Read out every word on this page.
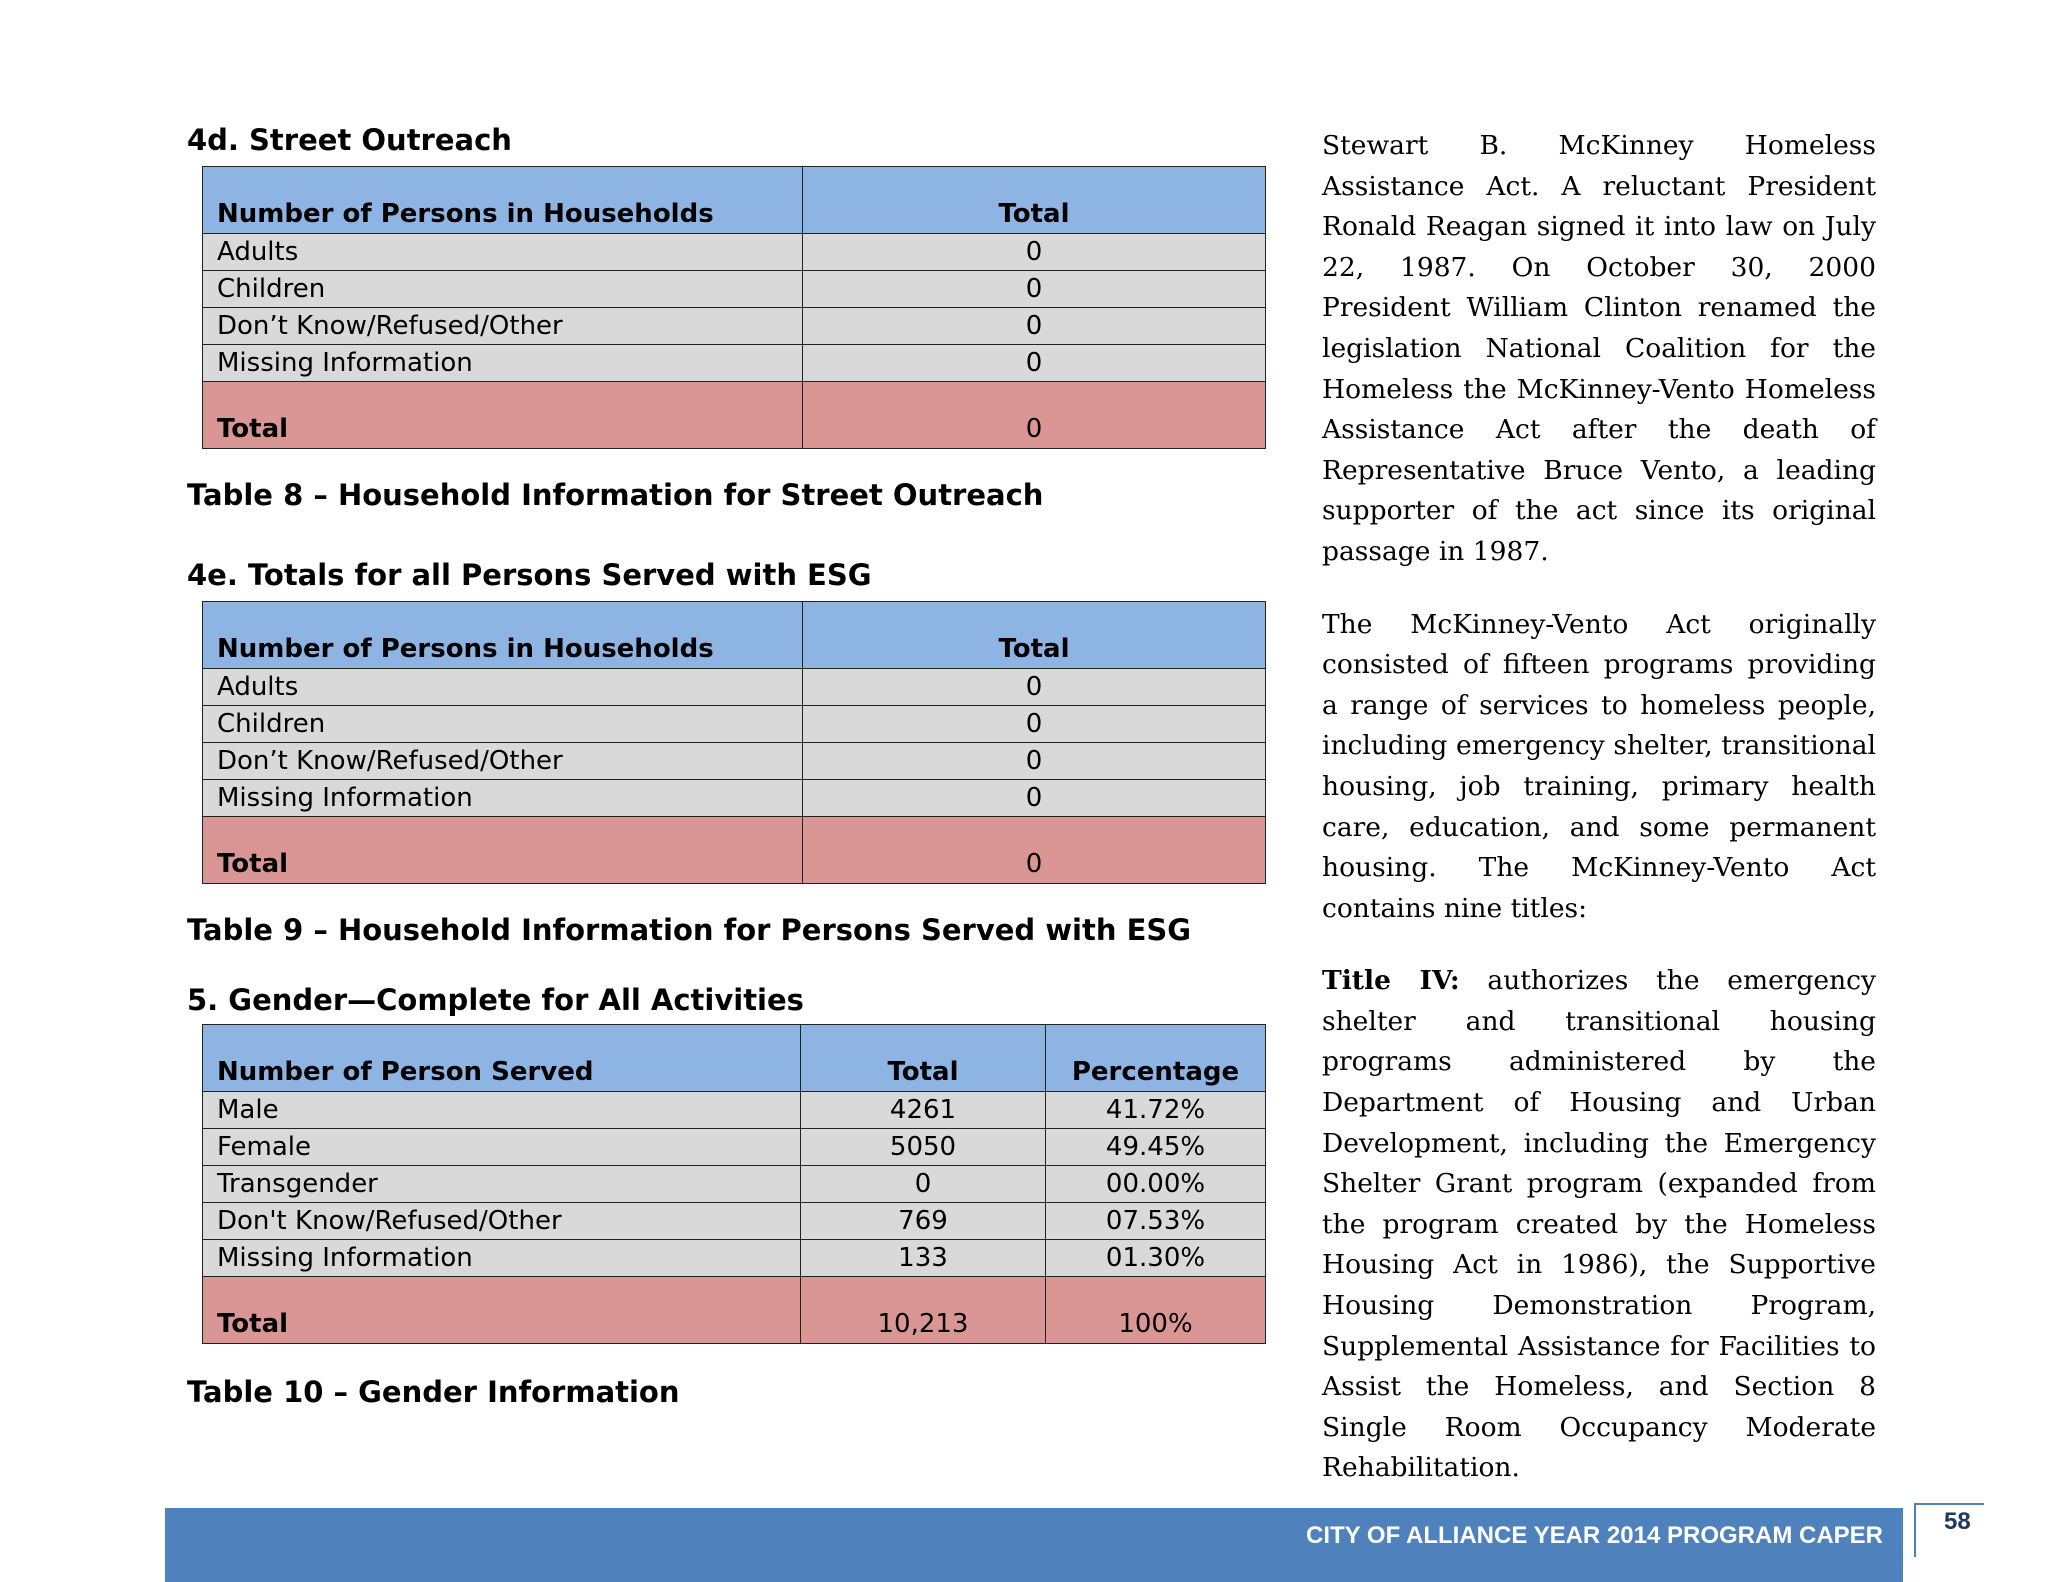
4d. Street Outreach
Number of Persons in Households	Total
Adults	0
Children	0
Don’t Know/Refused/Other	0
Missing Information	0
Total	0

Table 8 – Household Information for Street Outreach

4e. Totals for all Persons Served with ESG
Number of Persons in Households	Total
Adults	0
Children	0
Don’t Know/Refused/Other	0
Missing Information	0
Total	0

Table 9 – Household Information for Persons Served with ESG

5. Gender—Complete for All Activities
Number of Person Served	Total	Percentage
Male	4261	41.72%
Female	5050	49.45%
Transgender	0	00.00%
Don't Know/Refused/Other	769	07.53%
Missing Information	133	01.30%
Total	10,213	100%

Table 10 – Gender Information

Stewart B. McKinney Homeless Assistance Act. A reluctant President Ronald Reagan signed it into law on July 22, 1987. On October 30, 2000 President William Clinton renamed the legislation National Coalition for the Homeless the McKinney-Vento Homeless Assistance Act after the death of Representative Bruce Vento, a leading supporter of the act since its original passage in 1987.

The McKinney-Vento Act originally consisted of fifteen programs providing a range of services to homeless people, including emergency shelter, transitional housing, job training, primary health care, education, and some permanent housing. The McKinney-Vento Act contains nine titles:

Title IV: authorizes the emergency shelter and transitional housing programs administered by the Department of Housing and Urban Development, including the Emergency Shelter Grant program (expanded from the program created by the Homeless Housing Act in 1986), the Supportive Housing Demonstration Program, Supplemental Assistance for Facilities to Assist the Homeless, and Section 8 Single Room Occupancy Moderate Rehabilitation.

CITY OF ALLIANCE YEAR 2014 PROGRAM CAPER
58
